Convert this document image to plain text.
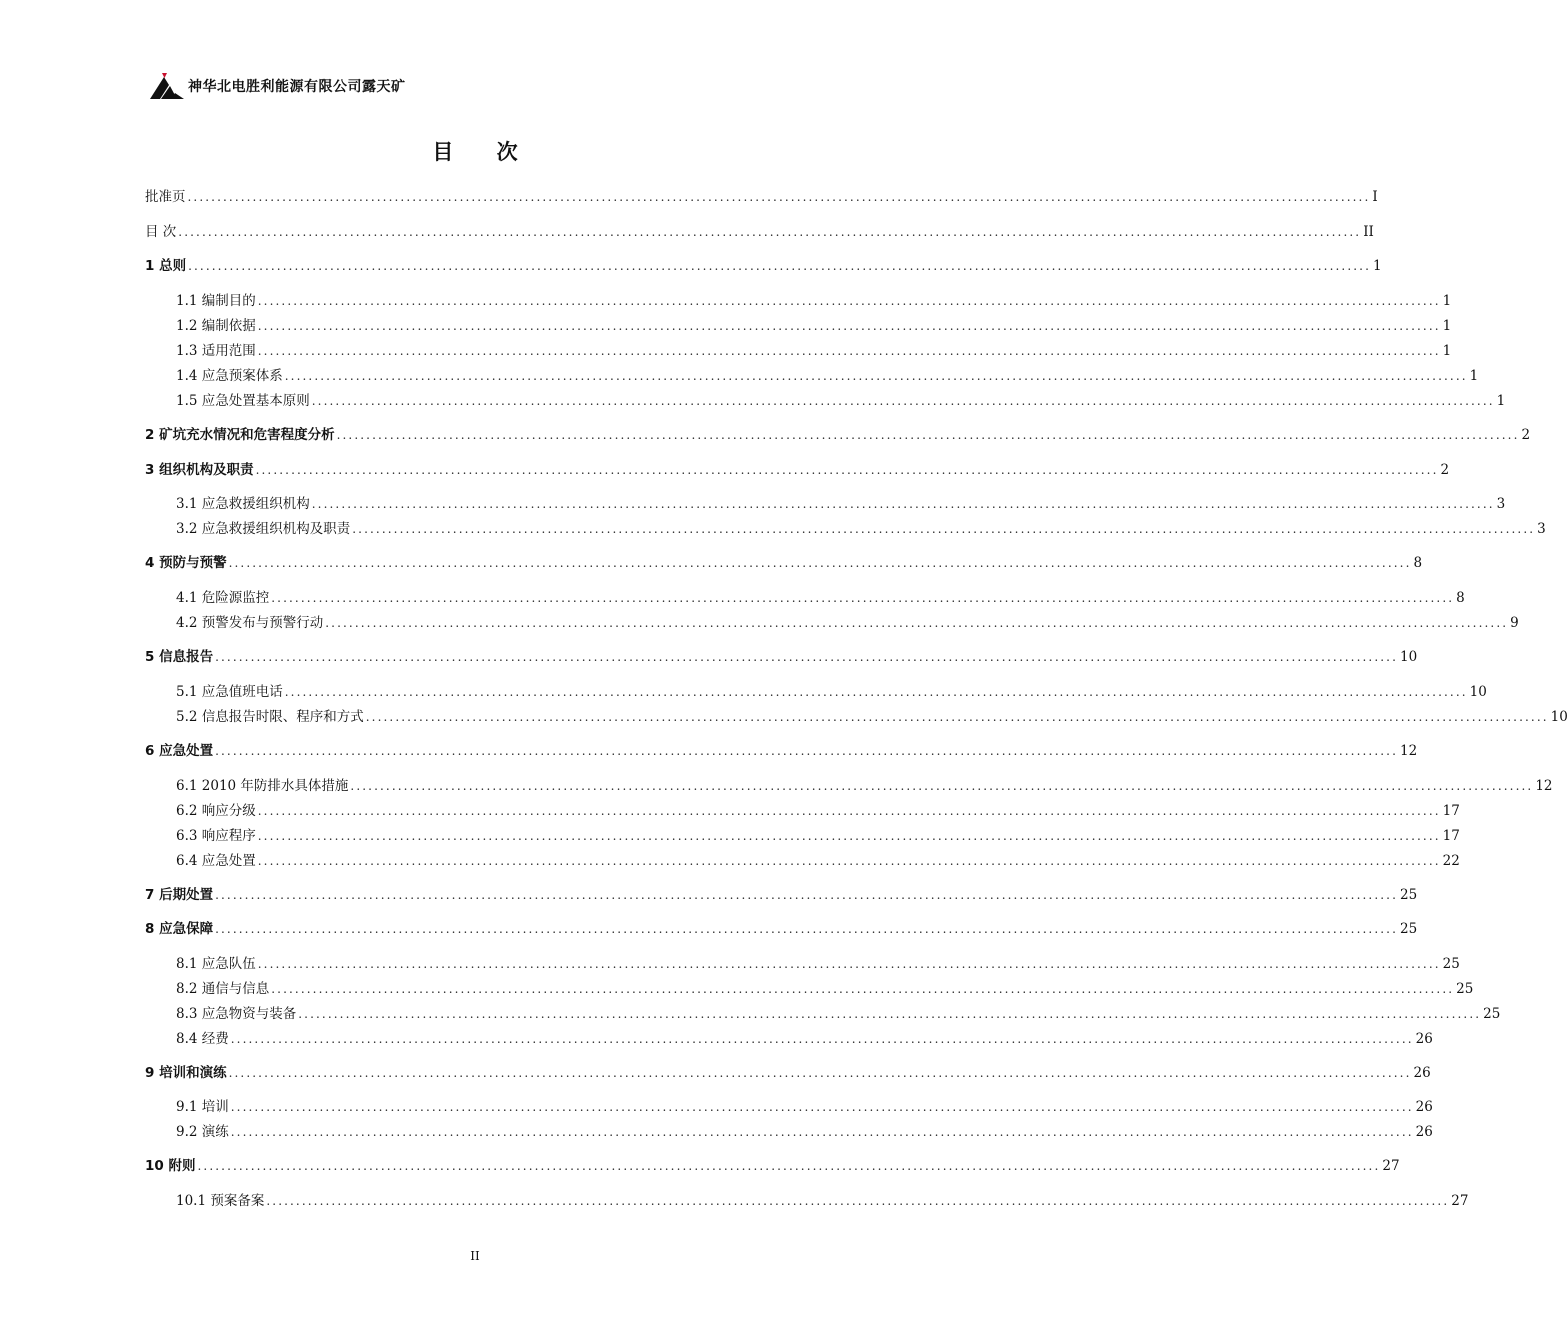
神华北电胜利能源有限公司露天矿
目 次
批准页 ........................................................................................................................................................................................................ I
目 次 ........................................................................................................................................................................................................ II
1 总则 ........................................................................................................................................................................................................ 1
1.1 编制目的 ........................................................................................................................................................................................................ 1
1.2 编制依据 ........................................................................................................................................................................................................ 1
1.3 适用范围 ........................................................................................................................................................................................................ 1
1.4 应急预案体系 ........................................................................................................................................................................................................ 1
1.5 应急处置基本原则 ........................................................................................................................................................................................................ 1
2 矿坑充水情况和危害程度分析 ........................................................................................................................................................................................................ 2
3 组织机构及职责 ........................................................................................................................................................................................................ 2
3.1 应急救援组织机构 ........................................................................................................................................................................................................ 3
3.2 应急救援组织机构及职责 ........................................................................................................................................................................................................ 3
4 预防与预警 ........................................................................................................................................................................................................ 8
4.1 危险源监控 ........................................................................................................................................................................................................ 8
4.2 预警发布与预警行动 ........................................................................................................................................................................................................ 9
5 信息报告 ........................................................................................................................................................................................................ 10
5.1 应急值班电话 ........................................................................................................................................................................................................ 10
5.2 信息报告时限、程序和方式 ........................................................................................................................................................................................................ 10
6 应急处置 ........................................................................................................................................................................................................ 12
6.1 2010 年防排水具体措施 ........................................................................................................................................................................................................ 12
6.2 响应分级 ........................................................................................................................................................................................................ 17
6.3 响应程序 ........................................................................................................................................................................................................ 17
6.4 应急处置 ........................................................................................................................................................................................................ 22
7 后期处置 ........................................................................................................................................................................................................ 25
8 应急保障 ........................................................................................................................................................................................................ 25
8.1 应急队伍 ........................................................................................................................................................................................................ 25
8.2 通信与信息 ........................................................................................................................................................................................................ 25
8.3 应急物资与装备 ........................................................................................................................................................................................................ 25
8.4 经费 ........................................................................................................................................................................................................ 26
9 培训和演练 ........................................................................................................................................................................................................ 26
9.1 培训 ........................................................................................................................................................................................................ 26
9.2 演练 ........................................................................................................................................................................................................ 26
10 附则 ........................................................................................................................................................................................................ 27
10.1 预案备案 ........................................................................................................................................................................................................ 27
II
